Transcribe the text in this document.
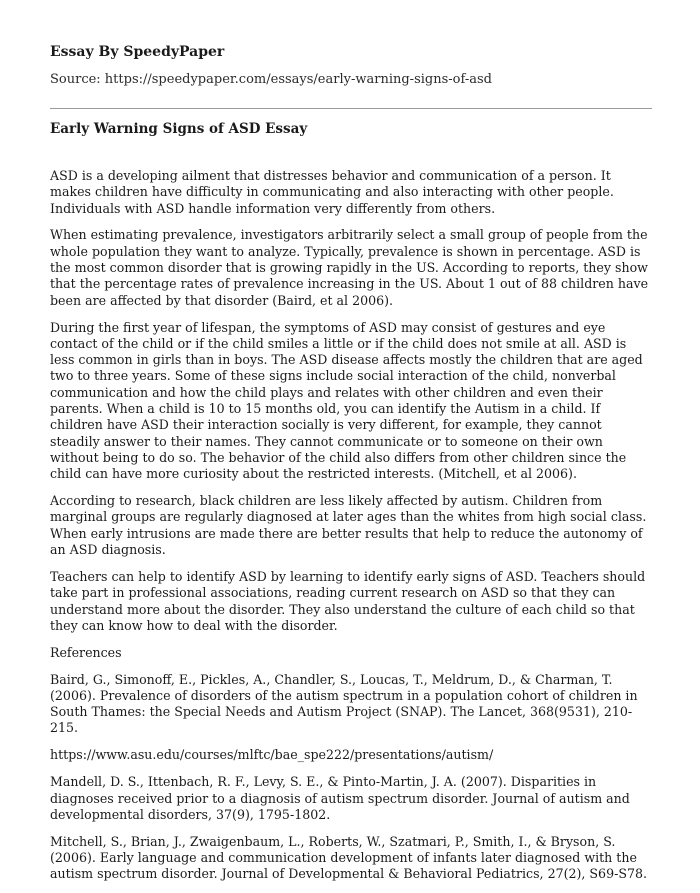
Essay By SpeedyPaper
Source: https://speedypaper.com/essays/early-warning-signs-of-asd
Early Warning Signs of ASD Essay

ASD is a developing ailment that distresses behavior and communication of a person. It makes children have difficulty in communicating and also interacting with other people. Individuals with ASD handle information very differently from others.

When estimating prevalence, investigators arbitrarily select a small group of people from the whole population they want to analyze. Typically, prevalence is shown in percentage. ASD is the most common disorder that is growing rapidly in the US. According to reports, they show that the percentage rates of prevalence increasing in the US. About 1 out of 88 children have been are affected by that disorder (Baird, et al 2006).

During the first year of lifespan, the symptoms of ASD may consist of gestures and eye contact of the child or if the child smiles a little or if the child does not smile at all. ASD is less common in girls than in boys. The ASD disease affects mostly the children that are aged two to three years. Some of these signs include social interaction of the child, nonverbal communication and how the child plays and relates with other children and even their parents. When a child is 10 to 15 months old, you can identify the Autism in a child. If children have ASD their interaction socially is very different, for example, they cannot steadily answer to their names. They cannot communicate or to someone on their own without being to do so. The behavior of the child also differs from other children since the child can have more curiosity about the restricted interests. (Mitchell, et al 2006).

According to research, black children are less likely affected by autism. Children from marginal groups are regularly diagnosed at later ages than the whites from high social class. When early intrusions are made there are better results that help to reduce the autonomy of an ASD diagnosis.

Teachers can help to identify ASD by learning to identify early signs of ASD. Teachers should take part in professional associations, reading current research on ASD so that they can understand more about the disorder. They also understand the culture of each child so that they can know how to deal with the disorder.

References

Baird, G., Simonoff, E., Pickles, A., Chandler, S., Loucas, T., Meldrum, D., & Charman, T. (2006). Prevalence of disorders of the autism spectrum in a population cohort of children in South Thames: the Special Needs and Autism Project (SNAP). The Lancet, 368(9531), 210-215.

https://www.asu.edu/courses/mlftc/bae_spe222/presentations/autism/

Mandell, D. S., Ittenbach, R. F., Levy, S. E., & Pinto-Martin, J. A. (2007). Disparities in diagnoses received prior to a diagnosis of autism spectrum disorder. Journal of autism and developmental disorders, 37(9), 1795-1802.

Mitchell, S., Brian, J., Zwaigenbaum, L., Roberts, W., Szatmari, P., Smith, I., & Bryson, S. (2006). Early language and communication development of infants later diagnosed with the autism spectrum disorder. Journal of Developmental & Behavioral Pediatrics, 27(2), S69-S78.
